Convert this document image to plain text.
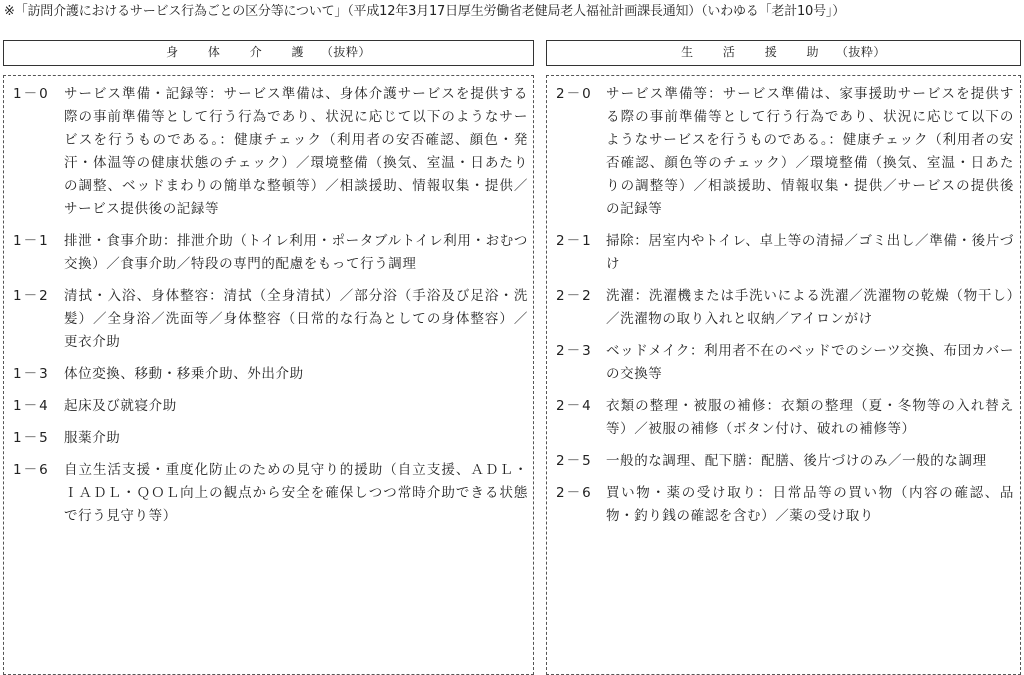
※「訪問介護におけるサービス行為ごとの区分等について」（平成12年3月17日厚生労働省老健局老人福祉計画課長通知）（いわゆる「老計10号」）
身 体 介 護 （抜粋）
1－0	サービス準備・記録等：サービス準備は、身体介護サービスを提供する際の事前準備等として行う行為であり、状況に応じて以下のようなサービスを行うものである。：健康チェック（利用者の安否確認、顔色・発汗・体温等の健康状態のチェック）／環境整備（換気、室温・日あたりの調整、ベッドまわりの簡単な整頓等）／相談援助、情報収集・提供／サービス提供後の記録等
1－1	排泄・食事介助：排泄介助（トイレ利用・ポータブルトイレ利用・おむつ交換）／食事介助／特段の専門的配慮をもって行う調理
1－2	清拭・入浴、身体整容：清拭（全身清拭）／部分浴（手浴及び足浴・洗髪）／全身浴／洗面等／身体整容（日常的な行為としての身体整容）／更衣介助
1－3	体位変換、移動・移乗介助、外出介助
1－4	起床及び就寝介助
1－5	服薬介助
1－6	自立生活支援・重度化防止のための見守り的援助（自立支援、ＡＤＬ・ＩＡＤＬ・ＱＯＬ向上の観点から安全を確保しつつ常時介助できる状態で行う見守り等）
生 活 援 助 （抜粋）
2－0 サービス準備等：サービス準備は、家事援助サービスを提供する際の事前準備等として行う行為であり、状況に応じて以下のようなサービスを行うものである。：健康チェック（利用者の安否確認、顔色等のチェック）／環境整備（換気、室温・日あたりの調整等）／相談援助、情報収集・提供／サービスの提供後の記録等
2－1 掃除：居室内やトイレ、卓上等の清掃／ゴミ出し／準備・後片づけ
2－2 洗濯：洗濯機または手洗いによる洗濯／洗濯物の乾燥（物干し）／洗濯物の取り入れと収納／アイロンがけ
2－3 ベッドメイク：利用者不在のベッドでのシーツ交換、布団カバーの交換等
2－4 衣類の整理・被服の補修：衣類の整理（夏・冬物等の入れ替え等）／被服の補修（ボタン付け、破れの補修等）
2－5 一般的な調理、配下膳：配膳、後片づけのみ／一般的な調理
2－6 買い物・薬の受け取り：日常品等の買い物（内容の確認、品物・釣り銭の確認を含む）／薬の受け取り
